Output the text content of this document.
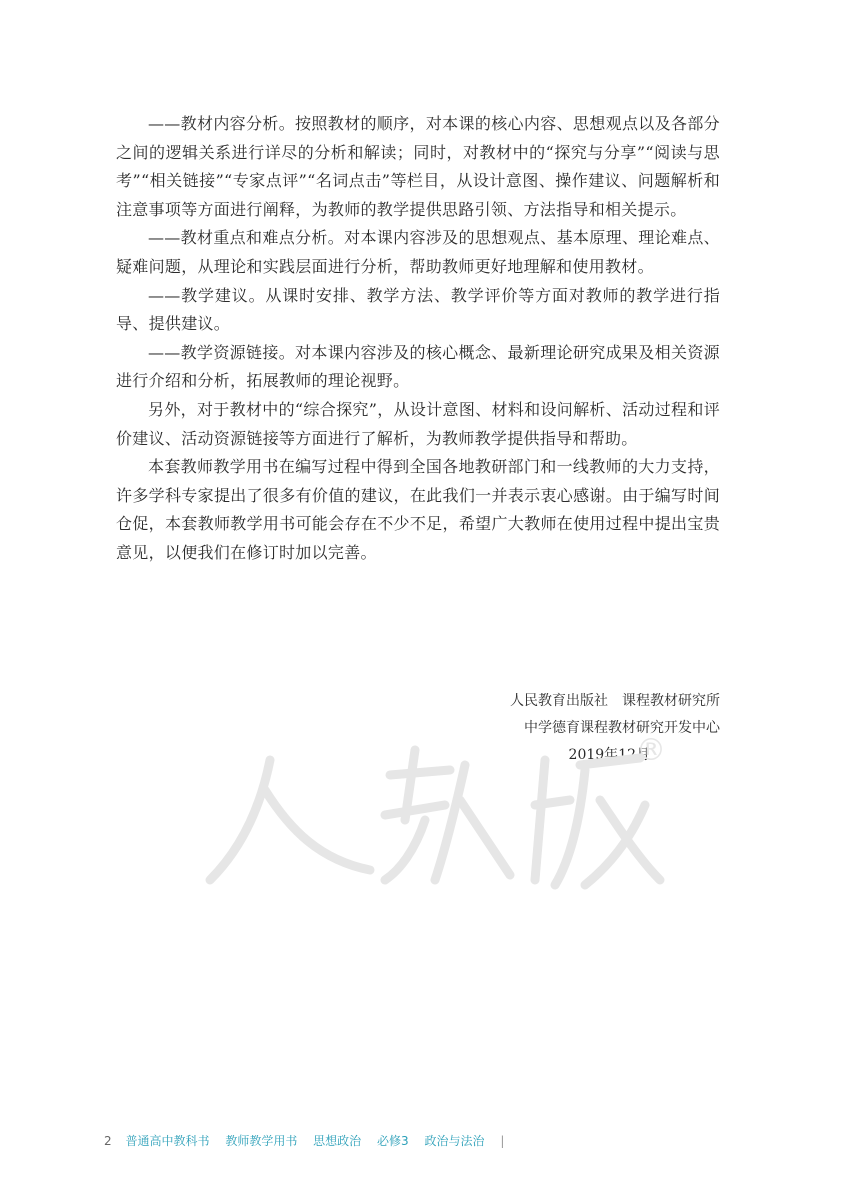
——教材内容分析。按照教材的顺序，对本课的核心内容、思想观点以及各部分之间的逻辑关系进行详尽的分析和解读；同时，对教材中的“探究与分享”“阅读与思考”“相关链接”“专家点评”“名词点击”等栏目，从设计意图、操作建议、问题解析和注意事项等方面进行阐释，为教师的教学提供思路引领、方法指导和相关提示。

——教材重点和难点分析。对本课内容涉及的思想观点、基本原理、理论难点、疑难问题，从理论和实践层面进行分析，帮助教师更好地理解和使用教材。

——教学建议。从课时安排、教学方法、教学评价等方面对教师的教学进行指导、提供建议。

——教学资源链接。对本课内容涉及的核心概念、最新理论研究成果及相关资源进行介绍和分析，拓展教师的理论视野。

另外，对于教材中的“综合探究”，从设计意图、材料和设问解析、活动过程和评价建议、活动资源链接等方面进行了解析，为教师教学提供指导和帮助。

本套教师教学用书在编写过程中得到全国各地教研部门和一线教师的大力支持，许多学科专家提出了很多有价值的建议，在此我们一并表示衷心感谢。由于编写时间仓促，本套教师教学用书可能会存在不少不足，希望广大教师在使用过程中提出宝贵意见，以便我们在修订时加以完善。

人民教育出版社　课程教材研究所
中学德育课程教材研究开发中心
2019年12月
®
2 普通高中教科书 教师教学用书 思想政治 必修3 政治与法治 |
